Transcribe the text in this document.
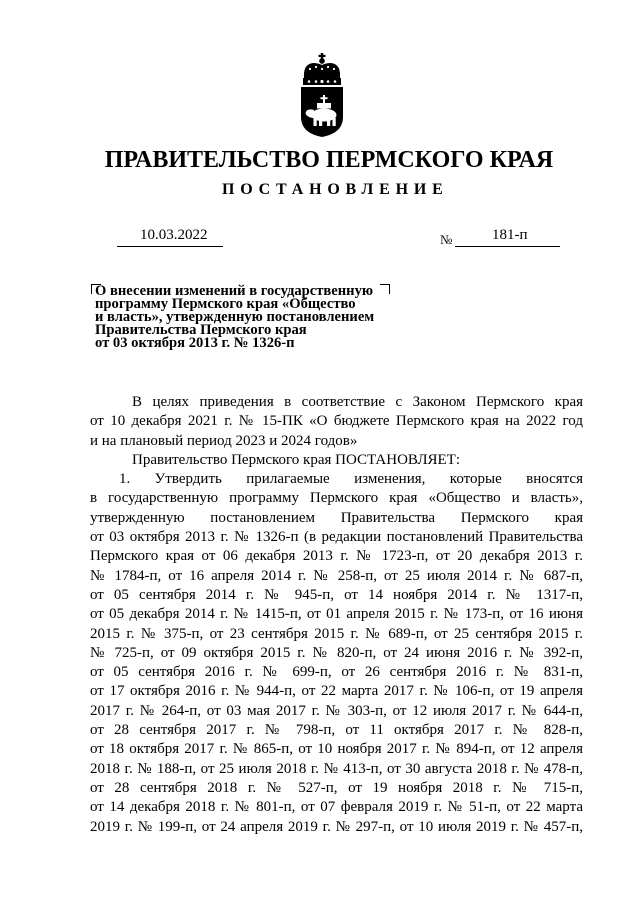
ПРАВИТЕЛЬСТВО ПЕРМСКОГО КРАЯ
ПОСТАНОВЛЕНИЕ
10.03.2022	№	181-п
О внесении изменений в государственную
программу Пермского края «Общество
и власть», утвержденную постановлением
Правительства Пермского края
от 03 октября 2013 г. № 1326-п
В целях приведения в соответствие с Законом Пермского края
от 10 декабря 2021 г. № 15-ПК «О бюджете Пермского края на 2022 год
и на плановый период 2023 и 2024 годов»
Правительство Пермского края ПОСТАНОВЛЯЕТ:
1. Утвердить прилагаемые изменения, которые вносятся
в государственную программу Пермского края «Общество и власть»,
утвержденную постановлением Правительства Пермского края
от 03 октября 2013 г. № 1326-п (в редакции постановлений Правительства
Пермского края от 06 декабря 2013 г. № 1723-п, от 20 декабря 2013 г.
№ 1784-п, от 16 апреля 2014 г. № 258-п, от 25 июля 2014 г. № 687-п,
от 05 сентября 2014 г. № 945-п, от 14 ноября 2014 г. № 1317-п,
от 05 декабря 2014 г. № 1415-п, от 01 апреля 2015 г. № 173-п, от 16 июня
2015 г. № 375-п, от 23 сентября 2015 г. № 689-п, от 25 сентября 2015 г.
№ 725-п, от 09 октября 2015 г. № 820-п, от 24 июня 2016 г. № 392-п,
от 05 сентября 2016 г. № 699-п, от 26 сентября 2016 г. № 831-п,
от 17 октября 2016 г. № 944-п, от 22 марта 2017 г. № 106-п, от 19 апреля
2017 г. № 264-п, от 03 мая 2017 г. № 303-п, от 12 июля 2017 г. № 644-п,
от 28 сентября 2017 г. № 798-п, от 11 октября 2017 г. № 828-п,
от 18 октября 2017 г. № 865-п, от 10 ноября 2017 г. № 894-п, от 12 апреля
2018 г. № 188-п, от 25 июля 2018 г. № 413-п, от 30 августа 2018 г. № 478-п,
от 28 сентября 2018 г. № 527-п, от 19 ноября 2018 г. № 715-п,
от 14 декабря 2018 г. № 801-п, от 07 февраля 2019 г. № 51-п, от 22 марта
2019 г. № 199-п, от 24 апреля 2019 г. № 297-п, от 10 июля 2019 г. № 457-п,
